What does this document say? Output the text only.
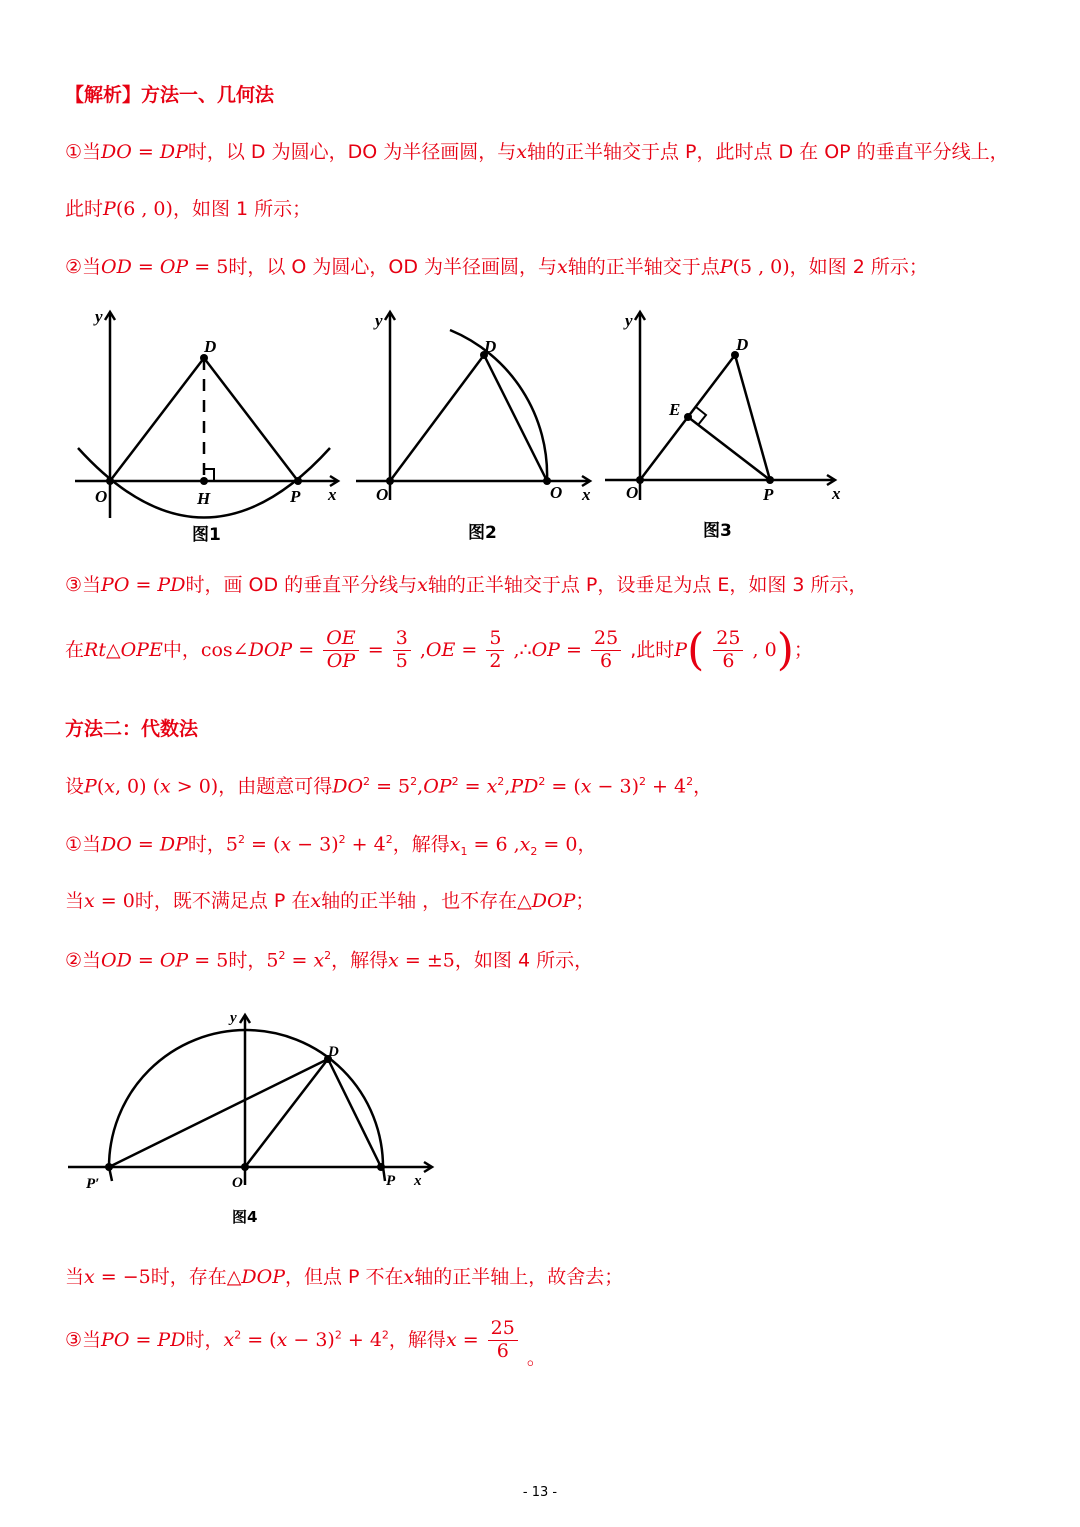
【解析】方法一、几何法
①当DO = DP时，以 D 为圆心，DO 为半径画圆，与x轴的正半轴交于点 P，此时点 D 在 OP 的垂直平分线上，
此时P(6 , 0)，如图 1 所示；
②当OD = OP = 5时，以 O 为圆心，OD 为半径画圆，与x轴的正半轴交于点P(5 , 0)，如图 2 所示；
y
x
D
O	H	P
图1
y
x
D
O	O
图2
y
x
D
E
O	P
图3
③当PO = PD时，画 OD 的垂直平分线与x轴的正半轴交于点 P，设垂足为点 E，如图 3 所示，
在Rt△OPE中，cos∠DOP = $\frac{OE}{OP} = \frac{3}{5} ,OE = \frac{5}{2}$ ,∴OP = $\frac{25}{6}$ ,此时$P( \frac{25}{6}$ , 0)；
方法二：代数法
设P(x, 0) (x > 0)，由题意可得$DO^2 = 5^2,OP^2 = x^2,PD^2 = (x - 3)^2 + 4^2$，
①当DO = DP时，$5^2 = (x - 3)^2 + 4^2$，解得$x_1 = 6$ $,x_2 = 0$，
当x = 0时，既不满足点 P 在x轴的正半轴 ，也不存在△DOP；
②当OD = OP = 5时，$5^2 = x^2$，解得x = ±5，如图 4 所示，
y
x
D
O	P
P′
图4
当x = −5时，存在△DOP，但点 P 不在x轴的正半轴上，故舍去；
③当PO = PD时，$x^2 = (x - 3)^2 + 4^2$，解得$x = \frac{25}{6}$ 。
- 13 -
